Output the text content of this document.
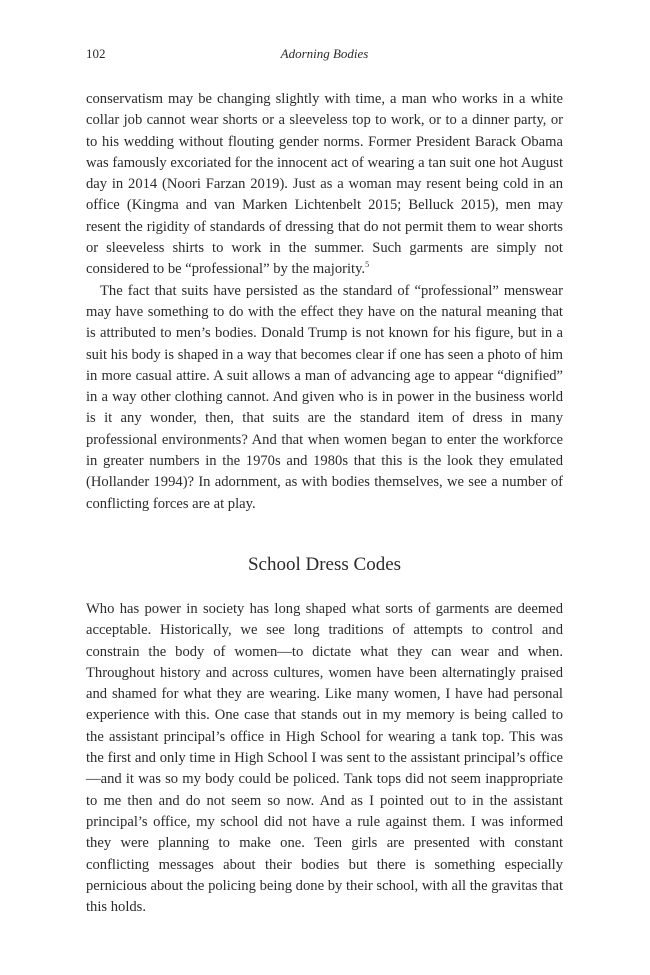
102	Adorning Bodies

conservatism may be changing slightly with time, a man who works in a white collar job cannot wear shorts or a sleeveless top to work, or to a dinner party, or to his wedding without flouting gender norms. Former President Barack Obama was famously excoriated for the innocent act of wearing a tan suit one hot August day in 2014 (Noori Farzan 2019). Just as a woman may resent being cold in an office (Kingma and van Marken Lichtenbelt 2015; Belluck 2015), men may resent the rigidity of standards of dressing that do not permit them to wear shorts or sleeveless shirts to work in the summer. Such garments are simply not considered to be “professional” by the majority.$^5$

The fact that suits have persisted as the standard of “professional” menswear may have something to do with the effect they have on the natural meaning that is attributed to men’s bodies. Donald Trump is not known for his figure, but in a suit his body is shaped in a way that becomes clear if one has seen a photo of him in more casual attire. A suit allows a man of advancing age to appear “dignified” in a way other clothing cannot. And given who is in power in the business world is it any wonder, then, that suits are the standard item of dress in many professional environments? And that when women began to enter the workforce in greater numbers in the 1970s and 1980s that this is the look they emulated (Hollander 1994)? In adornment, as with bodies themselves, we see a number of conflicting forces are at play.

School Dress Codes

Who has power in society has long shaped what sorts of garments are deemed acceptable. Historically, we see long traditions of attempts to control and constrain the body of women—to dictate what they can wear and when. Throughout history and across cultures, women have been alternatingly praised and shamed for what they are wearing. Like many women, I have had personal experience with this. One case that stands out in my memory is being called to the assistant principal’s office in High School for wearing a tank top. This was the first and only time in High School I was sent to the assistant principal’s office—and it was so my body could be policed. Tank tops did not seem inappropriate to me then and do not seem so now. And as I pointed out to in the assistant principal’s office, my school did not have a rule against them. I was informed they were planning to make one. Teen girls are presented with constant conflicting messages about their bodies but there is something especially pernicious about the policing being done by their school, with all the gravitas that this holds.
